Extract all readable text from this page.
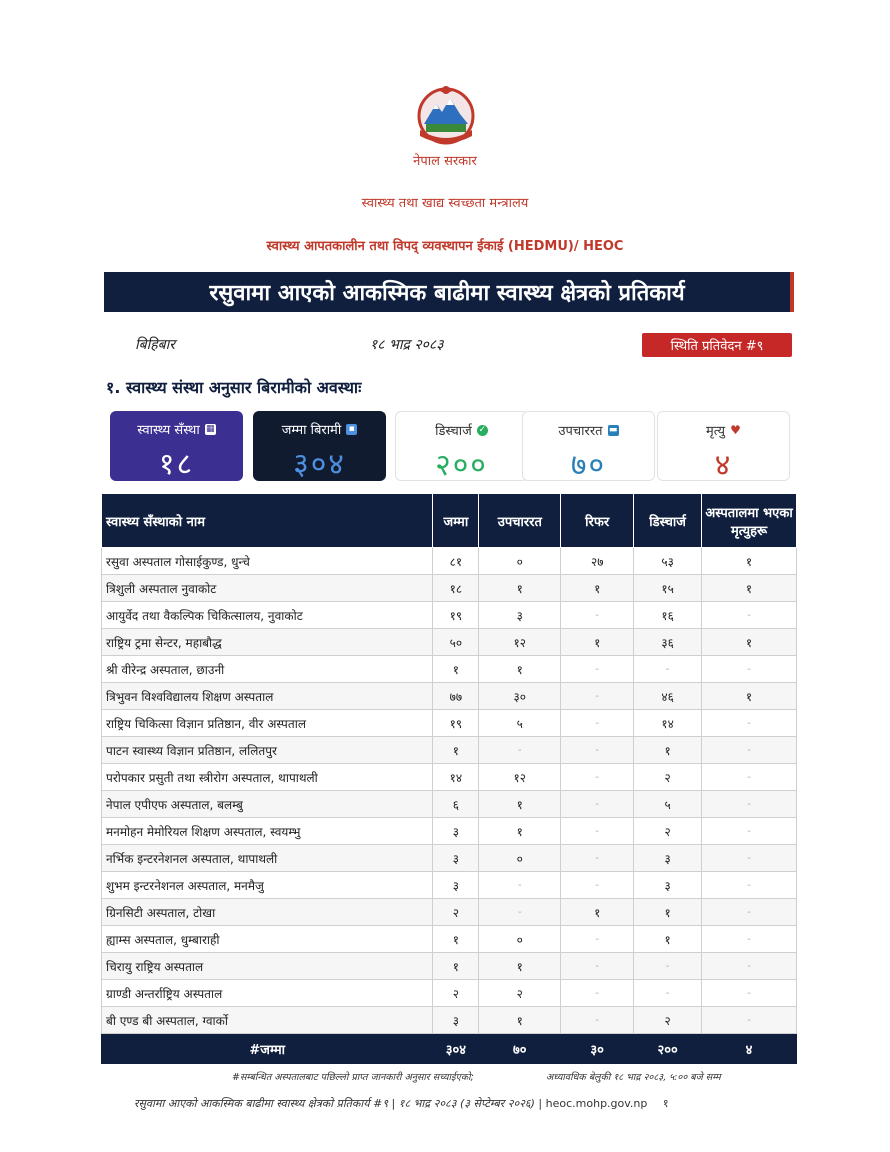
नेपाल सरकार
स्वास्थ्य तथा खाद्य स्वच्छता मन्त्रालय
स्वास्थ्य आपतकालीन तथा विपद् व्यवस्थापन ईकाई (HEDMU)/ HEOC
रसुवामा आएको आकस्मिक बाढीमा स्वास्थ्य क्षेत्रको प्रतिकार्य
बिहिबार	१८ भाद्र २०८३	स्थिति प्रतिवेदन #९
१. स्वास्थ्य संस्था अनुसार बिरामीको अवस्थाः
स्वास्थ्य सँस्था ▦
१८
जम्मा बिरामी ▪
३०४
डिस्चार्ज ✓
२००
उपचाररत ▬
७०
मृत्यु ♥
४
स्वास्थ्य सँस्थाको नाम	जम्मा	उपचाररत	रिफर	डिस्चार्ज	अस्पतालमा भएका मृत्युहरू
रसुवा अस्पताल गोसाईकुण्ड, धुन्चे	८१	०	२७	५३	१
त्रिशुली अस्पताल नुवाकोट	१८	१	१	१५	१
आयुर्वेद तथा वैकल्पिक चिकित्सालय, नुवाकोट	१९	३	-	१६	-
राष्ट्रिय ट्रमा सेन्टर, महाबौद्ध	५०	१२	१	३६	१
श्री वीरेन्द्र अस्पताल, छाउनी	१	१	-	-	-
त्रिभुवन विश्वविद्यालय शिक्षण अस्पताल	७७	३०	-	४६	१
राष्ट्रिय चिकित्सा विज्ञान प्रतिष्ठान, वीर अस्पताल	१९	५	-	१४	-
पाटन स्वास्थ्य विज्ञान प्रतिष्ठान, ललितपुर	१	-	-	१	-
परोपकार प्रसुती तथा स्त्रीरोग अस्पताल, थापाथली	१४	१२	-	२	-
नेपाल एपीएफ अस्पताल, बलम्बु	६	१	-	५	-
मनमोहन मेमोरियल शिक्षण अस्पताल, स्वयम्भु	३	१	-	२	-
नर्भिक इन्टरनेशनल अस्पताल, थापाथली	३	०	-	३	-
शुभम इन्टरनेशनल अस्पताल, मनमैजु	३	-	-	३	-
ग्रिनसिटी अस्पताल, टोखा	२	-	१	१	-
ह्याम्स अस्पताल, धुम्बाराही	१	०	-	१	-
चिरायु राष्ट्रिय अस्पताल	१	१	-	-	-
ग्राण्डी अन्तर्राष्ट्रिय अस्पताल	२	२	-	-	-
बी एण्ड बी अस्पताल, ग्वार्को	३	१	-	२	-
#जम्मा	३०४	७०	३०	२००	४
#सम्बन्धित अस्पतालबाट पछिल्लो प्राप्त जानकारी अनुसार सच्याईएको;	अध्यावधिक बेलुकी १८ भाद्र २०८३, ५:०० बजे सम्म
रसुवामा आएको आकस्मिक बाढीमा स्वास्थ्य क्षेत्रको प्रतिकार्य #९ | १८ भाद्र २०८३ (३ सेप्टेम्बर २०२६) | heoc.mohp.gov.np १
